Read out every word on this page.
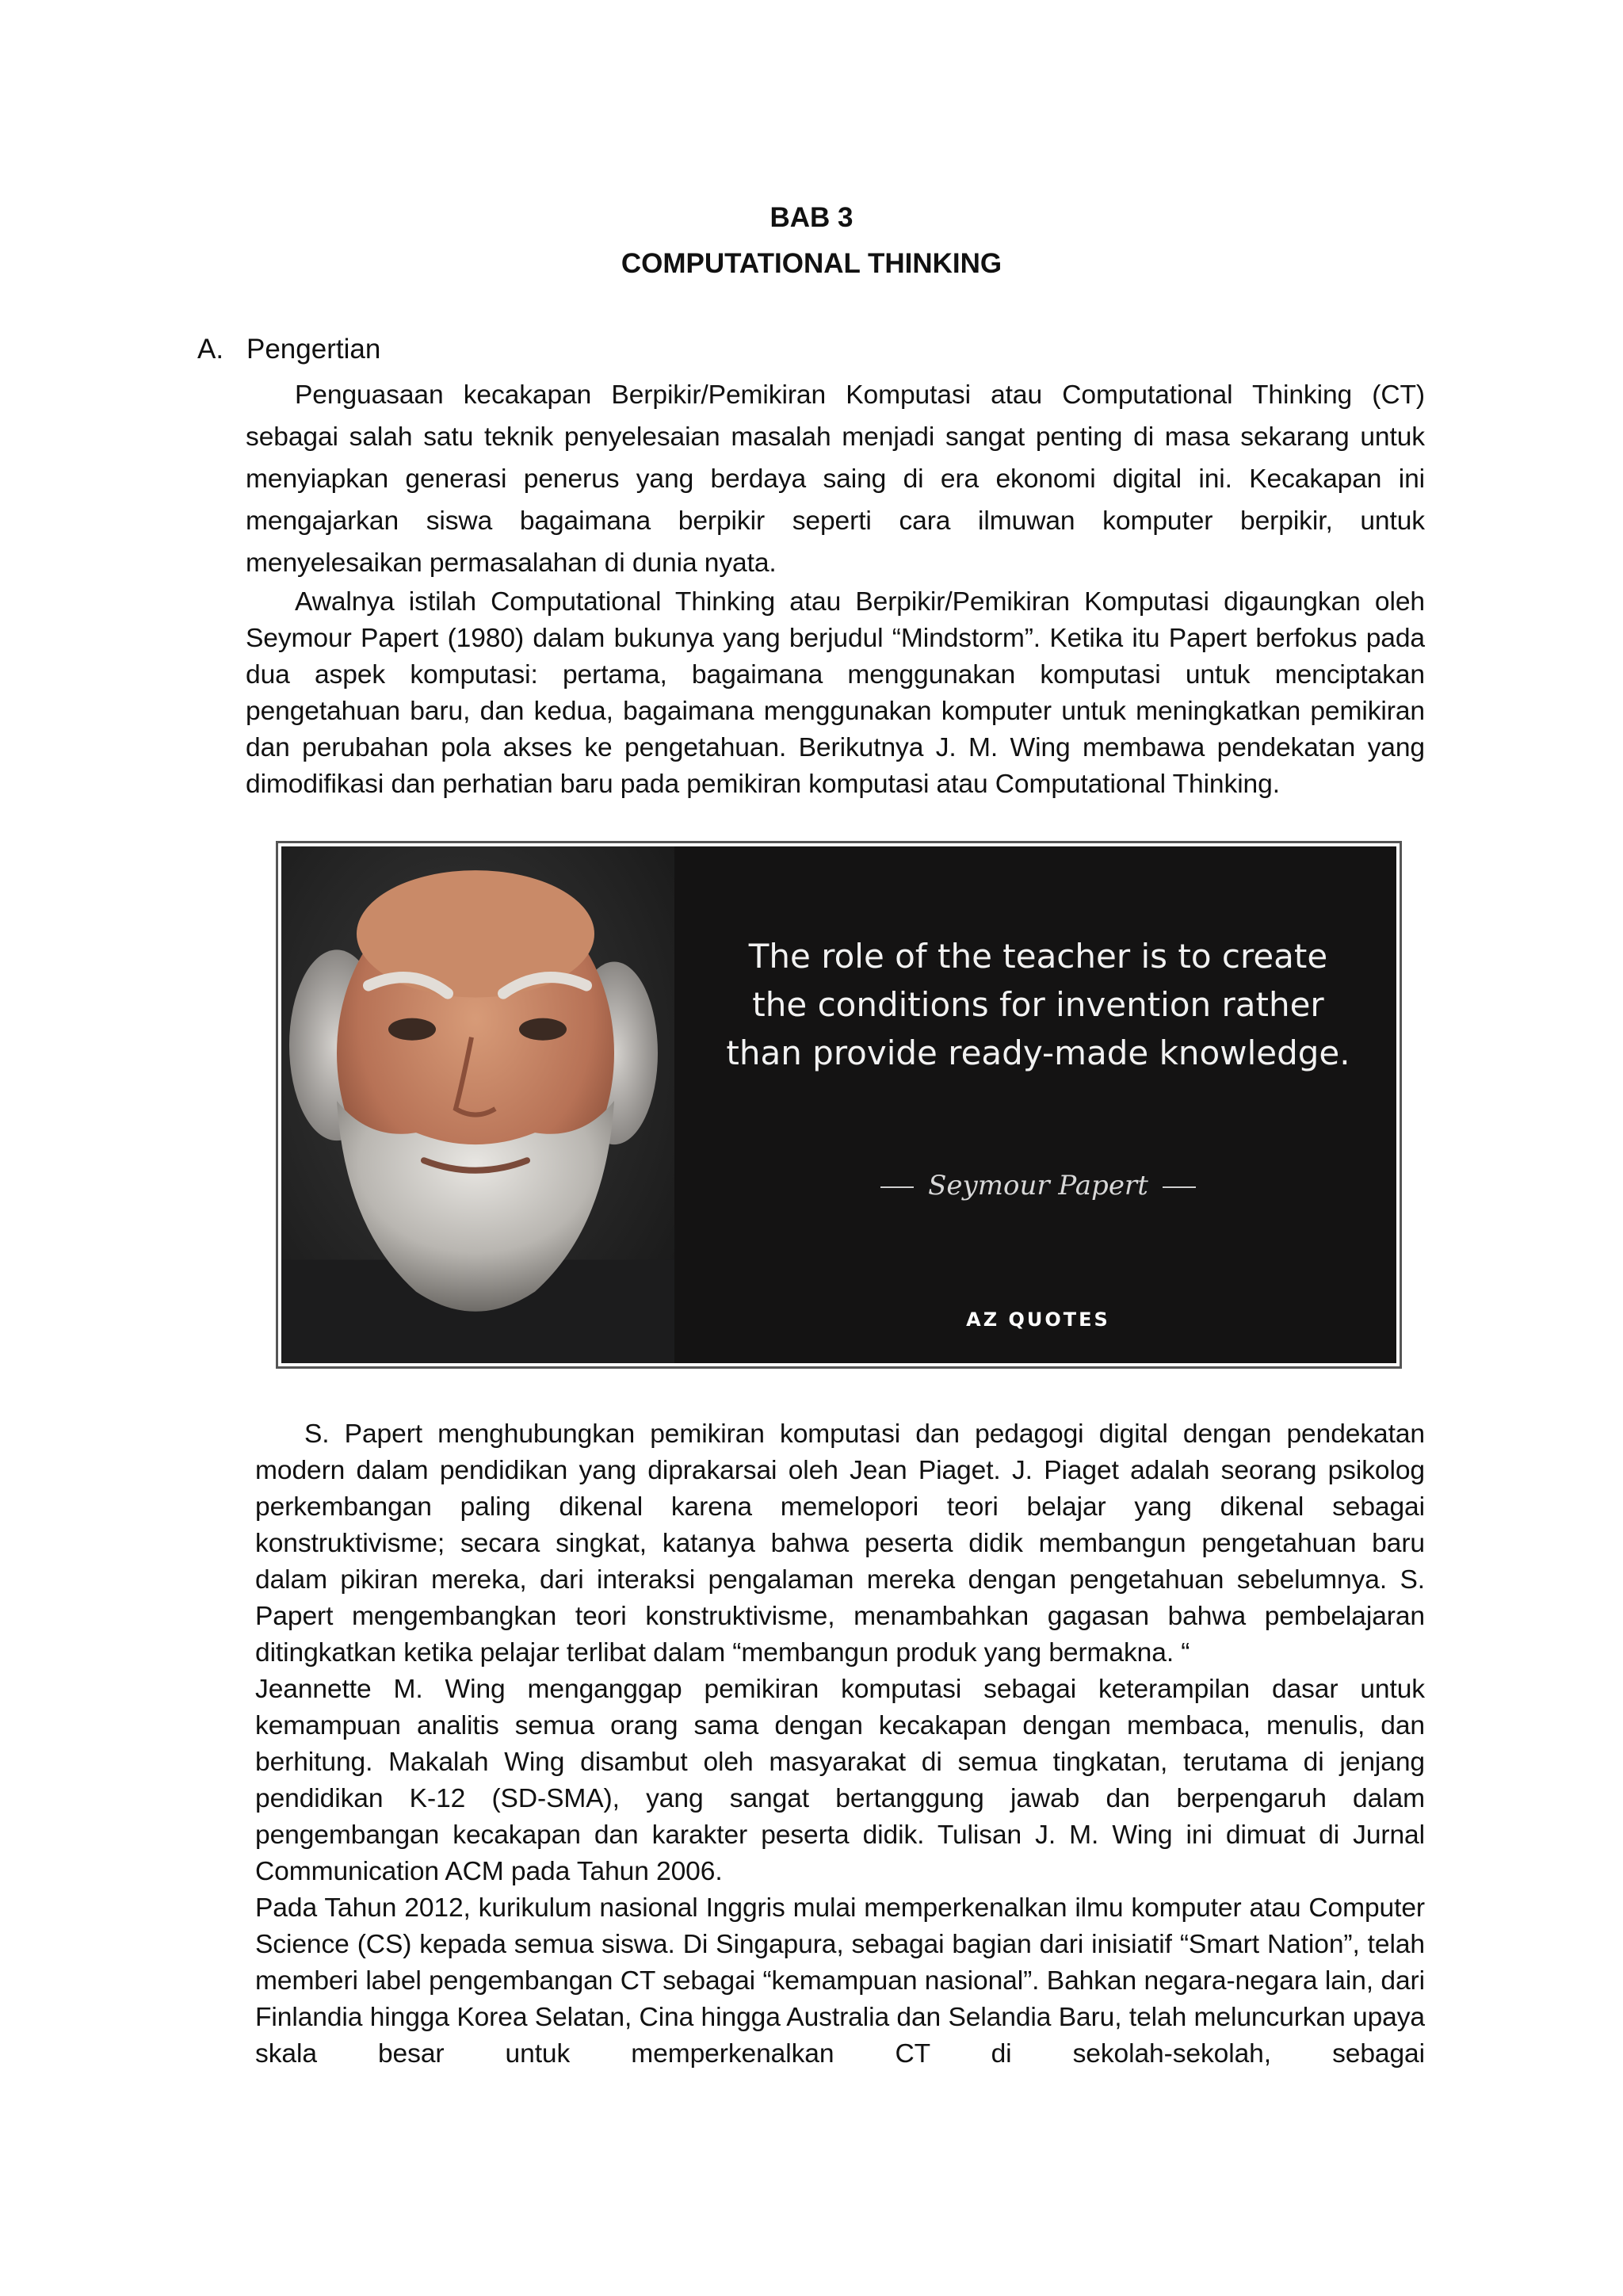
BAB 3
COMPUTATIONAL THINKING
A. Pengertian

Penguasaan kecakapan Berpikir/Pemikiran Komputasi atau Computational Thinking (CT) sebagai salah satu teknik penyelesaian masalah menjadi sangat penting di masa sekarang untuk menyiapkan generasi penerus yang berdaya saing di era ekonomi digital ini. Kecakapan ini mengajarkan siswa bagaimana berpikir seperti cara ilmuwan komputer berpikir, untuk menyelesaikan permasalahan di dunia nyata.

Awalnya istilah Computational Thinking atau Berpikir/Pemikiran Komputasi digaungkan oleh Seymour Papert (1980) dalam bukunya yang berjudul “Mindstorm”. Ketika itu Papert berfokus pada dua aspek komputasi: pertama, bagaimana menggunakan komputasi untuk menciptakan pengetahuan baru, dan kedua, bagaimana menggunakan komputer untuk meningkatkan pemikiran dan perubahan pola akses ke pengetahuan. Berikutnya J. M. Wing membawa pendekatan yang dimodifikasi dan perhatian baru pada pemikiran komputasi atau Computational Thinking.

The role of the teacher is to create the conditions for invention rather than provide ready-made knowledge.
Seymour Papert
AZ QUOTES

S. Papert menghubungkan pemikiran komputasi dan pedagogi digital dengan pendekatan modern dalam pendidikan yang diprakarsai oleh Jean Piaget. J. Piaget adalah seorang psikolog perkembangan paling dikenal karena memelopori teori belajar yang dikenal sebagai konstruktivisme; secara singkat, katanya bahwa peserta didik membangun pengetahuan baru dalam pikiran mereka, dari interaksi pengalaman mereka dengan pengetahuan sebelumnya. S. Papert mengembangkan teori konstruktivisme, menambahkan gagasan bahwa pembelajaran ditingkatkan ketika pelajar terlibat dalam “membangun produk yang bermakna. “

Jeannette M. Wing menganggap pemikiran komputasi sebagai keterampilan dasar untuk kemampuan analitis semua orang sama dengan kecakapan dengan membaca, menulis, dan berhitung. Makalah Wing disambut oleh masyarakat di semua tingkatan, terutama di jenjang pendidikan K-12 (SD-SMA), yang sangat bertanggung jawab dan berpengaruh dalam pengembangan kecakapan dan karakter peserta didik. Tulisan J. M. Wing ini dimuat di Jurnal Communication ACM pada Tahun 2006.

Pada Tahun 2012, kurikulum nasional Inggris mulai memperkenalkan ilmu komputer atau Computer Science (CS) kepada semua siswa. Di Singapura, sebagai bagian dari inisiatif “Smart Nation”, telah memberi label pengembangan CT sebagai “kemampuan nasional”. Bahkan negara-negara lain, dari Finlandia hingga Korea Selatan, Cina hingga Australia dan Selandia Baru, telah meluncurkan upaya skala besar untuk memperkenalkan CT di sekolah-sekolah, sebagai
